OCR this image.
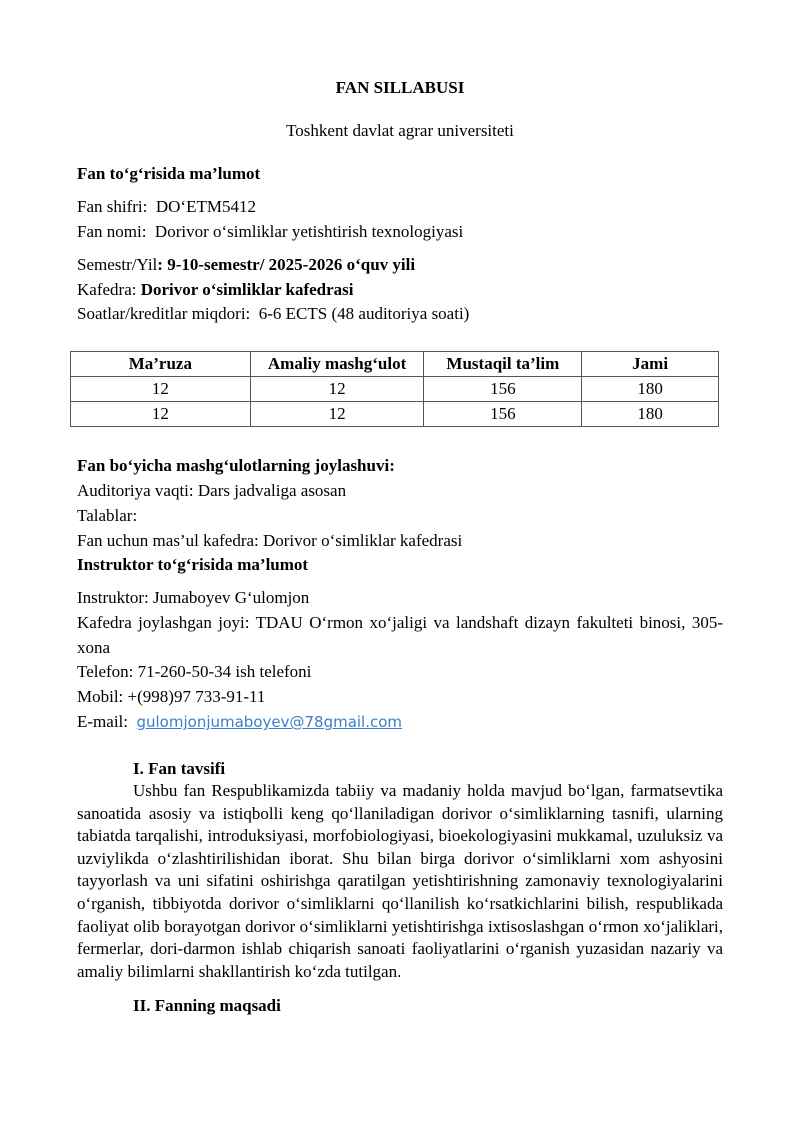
FAN SILLABUSI
Toshkent davlat agrar universiteti
Fan to‘g‘risida ma’lumot
Fan shifri: DO‘ETM5412
Fan nomi: Dorivor o‘simliklar yetishtirish texnologiyasi
Semestr/Yil: 9-10-semestr/ 2025-2026 o‘quv yili
Kafedra: Dorivor o‘simliklar kafedrasi
Soatlar/kreditlar miqdori: 6-6 ECTS (48 auditoriya soati)
Ma’ruza	Amaliy mashg‘ulot	Mustaqil ta’lim	Jami
12	12	156	180
12	12	156	180
Fan bo‘yicha mashg‘ulotlarning joylashuvi:
Auditoriya vaqti: Dars jadvaliga asosan
Talablar:
Fan uchun mas’ul kafedra: Dorivor o‘simliklar kafedrasi
Instruktor to‘g‘risida ma’lumot
Instruktor: Jumaboyev G‘ulomjon
Kafedra joylashgan joyi: TDAU O‘rmon xo‘jaligi va landshaft dizayn fakulteti binosi, 305-xona
Telefon: 71-260-50-34 ish telefoni
Mobil: +(998)97 733-91-11
E-mail: gulomjonjumaboyev@78gmail.com
I. Fan tavsifi
Ushbu fan Respublikamizda tabiiy va madaniy holda mavjud bo‘lgan, farmatsevtika sanoatida asosiy va istiqbolli keng qo‘llaniladigan dorivor o‘simliklarning tasnifi, ularning tabiatda tarqalishi, introduksiyasi, morfobiologiyasi, bioekologiyasini mukkamal, uzuluksiz va uzviylikda o‘zlashtirilishidan iborat. Shu bilan birga dorivor o‘simliklarni xom ashyosini tayyorlash va uni sifatini oshirishga qaratilgan yetishtirishning zamonaviy texnologiyalarini o‘rganish, tibbiyotda dorivor o‘simliklarni qo‘llanilish ko‘rsatkichlarini bilish, respublikada faoliyat olib borayotgan dorivor o‘simliklarni yetishtirishga ixtisoslashgan o‘rmon xo‘jaliklari, fermerlar, dori-darmon ishlab chiqarish sanoati faoliyatlarini o‘rganish yuzasidan nazariy va amaliy bilimlarni shakllantirish ko‘zda tutilgan.
II. Fanning maqsadi
